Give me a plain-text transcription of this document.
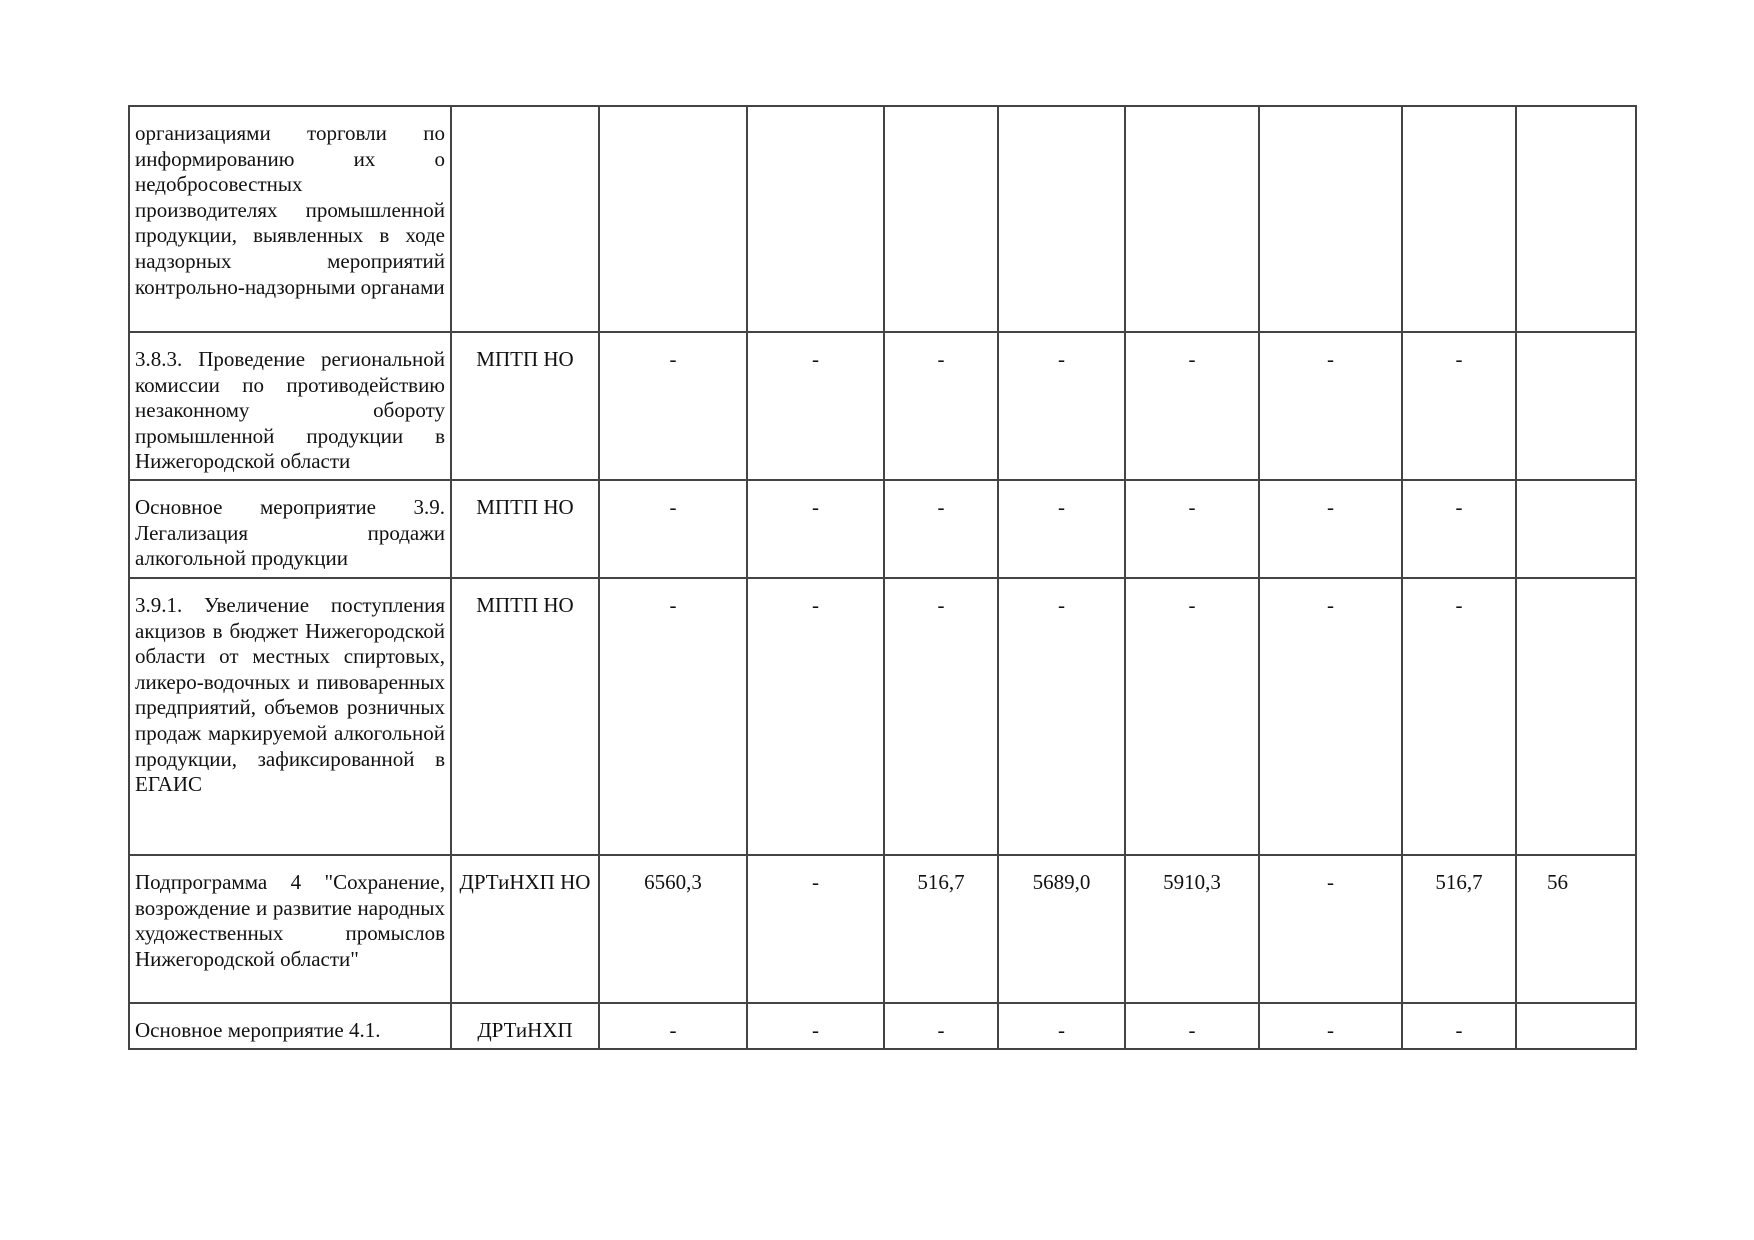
организациями торговли по информированию их о недобросовестных производителях промышленной продукции, выявленных в ходе надзорных мероприятий контрольно-надзорными органами									
3.8.3. Проведение региональной комиссии по противодействию незаконному обороту промышленной продукции в Нижегородской области	МПТП НО	-	-	-	-	-	-	-	
Основное мероприятие 3.9. Легализация продажи алкогольной продукции	МПТП НО	-	-	-	-	-	-	-	
3.9.1. Увеличение поступления акцизов в бюджет Нижегородской области от местных спиртовых, ликеро-водочных и пивоваренных предприятий, объемов розничных продаж маркируемой алкогольной продукции, зафиксированной в ЕГАИС	МПТП НО	-	-	-	-	-	-	-	
Подпрограмма 4 "Сохранение, возрождение и развитие народных художественных промыслов Нижегородской области"	ДРТиНХП НО	6560,3	-	516,7	5689,0	5910,3	-	516,7	56
Основное мероприятие 4.1.	ДРТиНХП	-	-	-	-	-	-	-	
